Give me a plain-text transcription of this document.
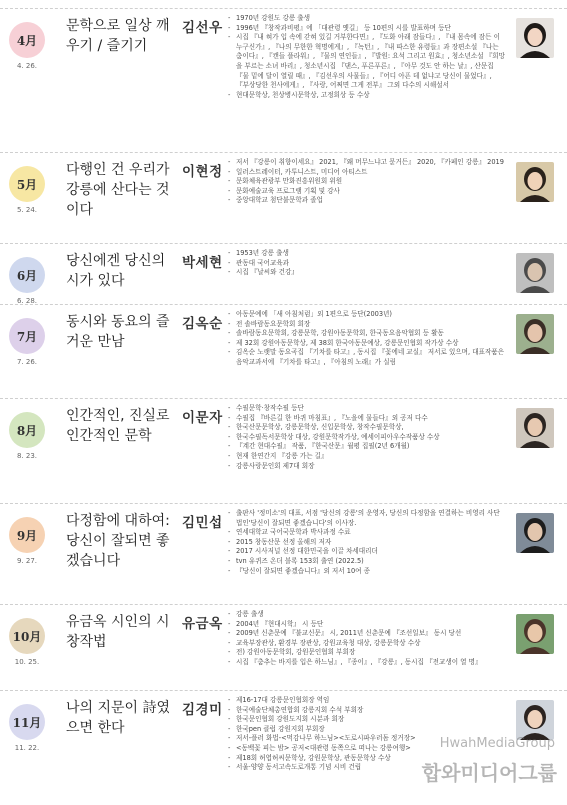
4月
4. 26.
문학으로 일상 깨우기 / 즐기기
김선우
- 1970년 강원도 강릉 출생
- 1996년 『창작과비평』에 「대관령 옛길」 등 10편의 시를 발표하며 등단
- 시집 『내 혀가 입 속에 갇혀 있길 거부한다면』, 『도화 아래 잠들다』, 『내 몸속에 잠든 이 누구신가』, 『나의 무한한 혁명에게』, 『녹턴』, 『내 따스한 유령들』과 장편소설 『나는 춤이다』, 『캔들 플라워』, 『물의 연인들』, 『발원: 요석 그리고 원효』, 청소년소설 『희망을 부르는 소녀 바리』, 청소년시집 『댄스, 푸른푸른』, 『아무 것도 안 하는 날』, 산문집 『물 밑에 달이 열릴 때』, 『김선우의 사물들』, 『어디 아픈 데 없냐고 당신이 물었다』, 『부상당한 천사에게』, 『사랑, 어쩌면 그게 전부』 그외 다수의 시해설서
- 현대문학상, 천상병시문학상, 고정희상 등 수상
5月
5. 24.
다행인 건 우리가 강릉에 산다는 것이다
이현정
- 저서 『강릉이 취향이세요』 2021, 『왜 머무느냐고 묻거든』 2020, 『카페인 강릉』 2019
- 일러스트레이터, 카투니스트, 미디어 아티스트
- 문화체육관광부 만화진흥위원회 위원
- 문화예술교육 프로그램 기획 및 강사
- 중앙대학교 첨단불문학과 졸업
6月
6. 28.
당신에겐 당신의 시가 있다
박세현
- 1953년 강릉 출생
- 관동대 국어교육과
- 시집 『날씨와 건강』
7月
7. 26.
동시와 동요의 즐거운 만남
김옥순
- 아동문예에 「새 아침처럼」외 1편으로 등단(2003년)
- 전 솔바람동요문학회 회장
- 솔바람동요문학회, 강릉문학, 강원아동문학회, 한국동요음악협회 등 활동
- 제 32회 강원아동문학상, 제 38회 한국아동문예상, 강릉문인협회 작가상 수상
- 김옥순 노랫말 동요곡집 『기차를 타고』, 동시집 『꽃에네 교실』 저서로 있으며, 대표작품은 음악교과서에 『기차를 타고』, 『아침의 노래』가 실림
8月
8. 23.
인간적인, 진실로 인간적인 문학
이문자
- 수필문학·창작수필 등단
- 수필집 『바른길 한 바퀴 마침표』, 『노을에 물들다』외 공저 다수
- 한국산문문학상, 강릉문학상, 신입문학상, 창작수필문학상,
- 한국수필독서문학상 대상, 강원문학작가상, 예세이피아우수작품상 수상
- 『계간 현대수필』 작품, 『한국산문』월평 집필(2년 6개월)
- 현재 한연간지 『강릉 가는 길』
- 강릉사랑문인회 제7대 회장
9月
9. 27.
다정함에 대하여: 당신이 잘되면 좋겠습니다
김민섭
- 출판사 '정미소'의 대표, 서점 '당신의 강릉'의 운영자, 당신의 다정함을 연결하는 비영리 사단법인'당신이 잘되면 좋겠습니다'의 이사장.
- 연세대학교 국어국문학과 박사과정 수료
- 2015 창동산문 선정 올해의 저자
- 2017 시사저널 선정 대한민국을 이끌 차세대리더
- tvn 유퀴즈 온더 블록 153회 출연 (2022.5)
- 『당신이 잘되면 좋겠습니다』외 저서 10여 종
10月
10. 25.
유금옥 시인의 시 창작법
유금옥
- 강릉 출생
- 2004년 『현대시학』 시 등단
- 2009년 신춘문예 『불교신문』 시, 2011년 신춘문예 『조선일보』 동시 당선
- 교육부장관상, 환경부 장관상, 강원교육청 대상, 강릉문학상 수상
- 전) 강원아동문학회, 강원문인협회 부회장
- 시집 『춤추는 바지를 입은 하느님』, 『종이』, 『강릉』, 동시집 『전교생이 열 명』
11月
11. 22.
나의 지문이 詩였으면 한다
김경미
- 제16-17대 강릉문인협회장 역임
- 한국예술단체총연합회 강릉지회 수석 부회장
- 한국문인협회 강원도지회 시분과 회장
- 한국pen 클럽 강원지회 부회장
- 저서-플러 화법-<먹감나무 하느님><도로시파우러돔 정거장>
- <동백꽃 피는 밤> 공저<대관령 동쪽으로 떠나는 강릉여행>
- 제18회 허엽허씨문학상, 강원문학상, 관동문학상 수상
- 서울·양양 동서고속도로개통 기념 시비 건립
HwahMediaGroup
합와미디어그룹
